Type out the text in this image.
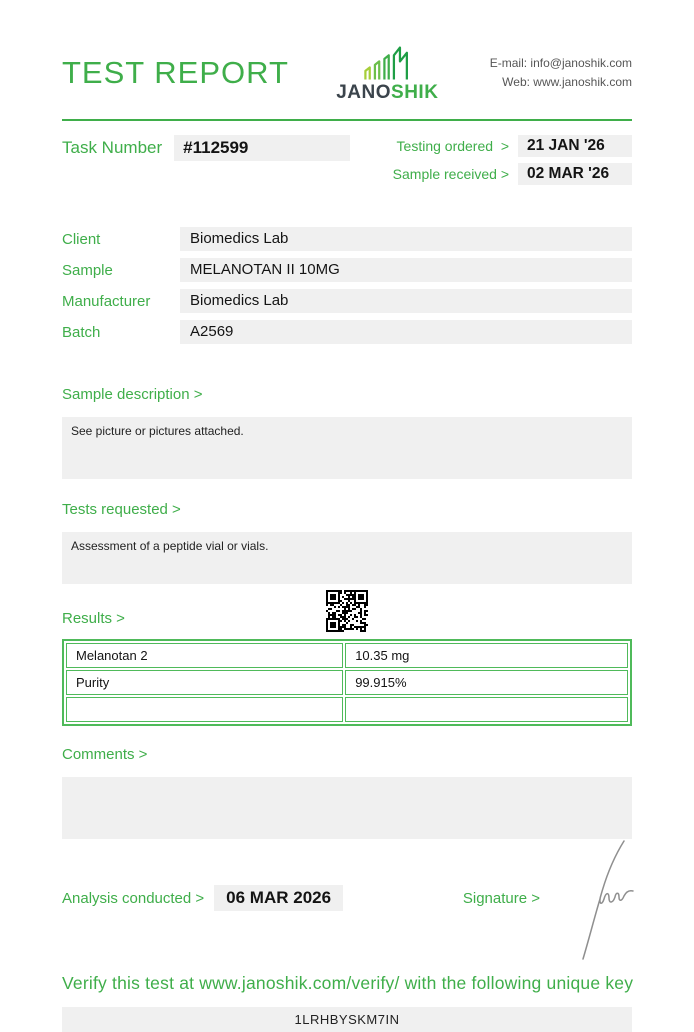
TEST REPORT
JANOSHIK
E-mail: info@janoshik.com
Web: www.janoshik.com
Task Number	#112599	Testing ordered  >	21 JAN '26
Sample received >	02 MAR '26
Client	Biomedics Lab
Sample	MELANOTAN II 10MG
Manufacturer	Biomedics Lab
Batch	A2569
Sample description >
See picture or pictures attached.
Tests requested >
Assessment of a peptide vial or vials.
Results >
Melanotan 2	10.35 mg
Purity	99.915%

Comments >
Analysis conducted >	06 MAR 2026	Signature >
Verify this test at www.janoshik.com/verify/ with the following unique key
1LRHBYSKM7IN
